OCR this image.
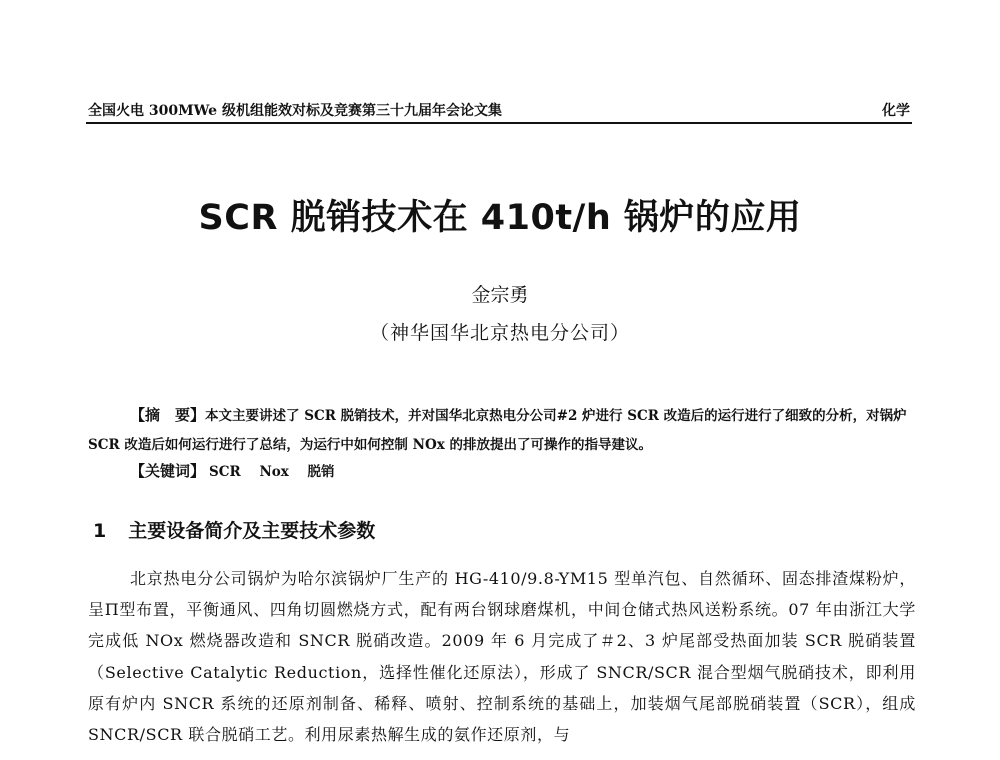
全国火电 300MWe 级机组能效对标及竞赛第三十九届年会论文集	化学
SCR 脱销技术在 410t/h 锅炉的应用
金宗勇
（神华国华北京热电分公司）

【摘　要】本文主要讲述了 SCR 脱销技术，并对国华北京热电分公司#2 炉进行 SCR 改造后的运行进行了细致的分析，对锅炉 SCR 改造后如何运行进行了总结，为运行中如何控制 NOx 的排放提出了可操作的指导建议。

【关键词】 SCR Nox 脱销
1 主要设备简介及主要技术参数

北京热电分公司锅炉为哈尔滨锅炉厂生产的 HG-410/9.8-YM15 型单汽包、自然循环、固态排渣煤粉炉，呈Π型布置，平衡通风、四角切圆燃烧方式，配有两台钢球磨煤机，中间仓储式热风送粉系统。07 年由浙江大学完成低 NOx 燃烧器改造和 SNCR 脱硝改造。2009 年 6 月完成了＃2、3 炉尾部受热面加装 SCR 脱硝装置（Selective Catalytic Reduction，选择性催化还原法），形成了 SNCR/SCR 混合型烟气脱硝技术，即利用原有炉内 SNCR 系统的还原剂制备、稀释、喷射、控制系统的基础上，加装烟气尾部脱硝装置（SCR），组成 SNCR/SCR 联合脱硝工艺。利用尿素热解生成的氨作还原剂，与
